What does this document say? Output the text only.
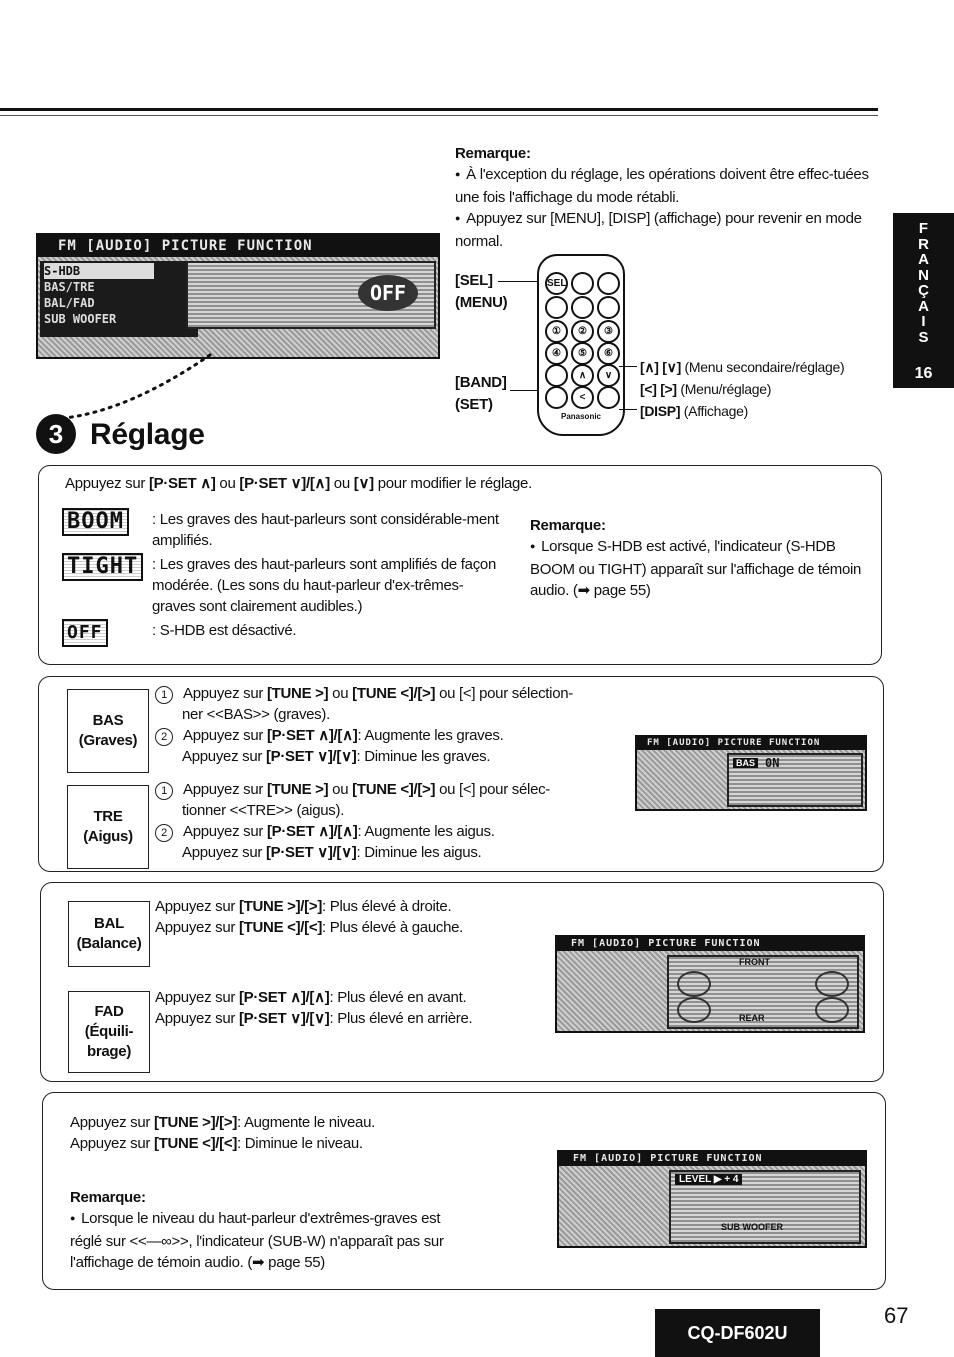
Remarque:
● À l'exception du réglage, les opérations doivent être effec-tuées une fois l'affichage du mode rétabli.
● Appuyez sur [MENU], [DISP] (affichage) pour revenir en mode normal.
FM [AUDIO] PICTURE FUNCTION
S-HDB
BAS/TRE
BAL/FAD
SUB WOOFER
OFF
[SEL]
(MENU)
[BAND]
(SET)
SEL
①	②	③
④	⑤	⑥
∧	∨
<
Panasonic
[∧] [∨] (Menu secondaire/réglage)
[<] [>] (Menu/réglage)
[DISP] (Affichage)
F
R
A
N
Ç
A
I
S
16
3 Réglage
Appuyez sur [P·SET ∧] ou [P·SET ∨]/[∧] ou [∨] pour modifier le réglage.
BOOM	: Les graves des haut-parleurs sont considérable-ment amplifiés.
TIGHT : Les graves des haut-parleurs sont amplifiés de façon modérée. (Les sons du haut-parleur d'ex-trêmes-graves sont clairement audibles.)
OFF	: S-HDB est désactivé.
Remarque:
● Lorsque S-HDB est activé, l'indicateur (S-HDB BOOM ou TIGHT) apparaît sur l'affichage de témoin audio. (➡ page 55)
BAS
(Graves)
TRE
(Aigus)
1 Appuyez sur [TUNE >] ou [TUNE <]/[>] ou [<] pour sélection-
ner <<BAS>> (graves).
2 Appuyez sur [P·SET ∧]/[∧]: Augmente les graves.
Appuyez sur [P·SET ∨]/[∨]: Diminue les graves.
1 Appuyez sur [TUNE >] ou [TUNE <]/[>] ou [<] pour sélec-
tionner <<TRE>> (aigus).
2 Appuyez sur [P·SET ∧]/[∧]: Augmente les aigus.
Appuyez sur [P·SET ∨]/[∨]: Diminue les aigus.
FM [AUDIO] PICTURE FUNCTION
BAS 0N
BAL
(Balance)
FAD
(Équili-
brage)
Appuyez sur [TUNE >]/[>]: Plus élevé à droite.
Appuyez sur [TUNE <]/[<]: Plus élevé à gauche.
Appuyez sur [P·SET ∧]/[∧]: Plus élevé en avant.
Appuyez sur [P·SET ∨]/[∨]: Plus élevé en arrière.
FM [AUDIO] PICTURE FUNCTION
FRONT
REAR
Appuyez sur [TUNE >]/[>]: Augmente le niveau.
Appuyez sur [TUNE <]/[<]: Diminue le niveau.
Remarque:
● Lorsque le niveau du haut-parleur d'extrêmes-graves est réglé sur <<—∞>>, l'indicateur (SUB-W) n'apparaît pas sur l'affichage de témoin audio. (➡ page 55)
FM [AUDIO] PICTURE FUNCTION
LEVEL ▶ + 4
SUB WOOFER
CQ-DF602U
67
